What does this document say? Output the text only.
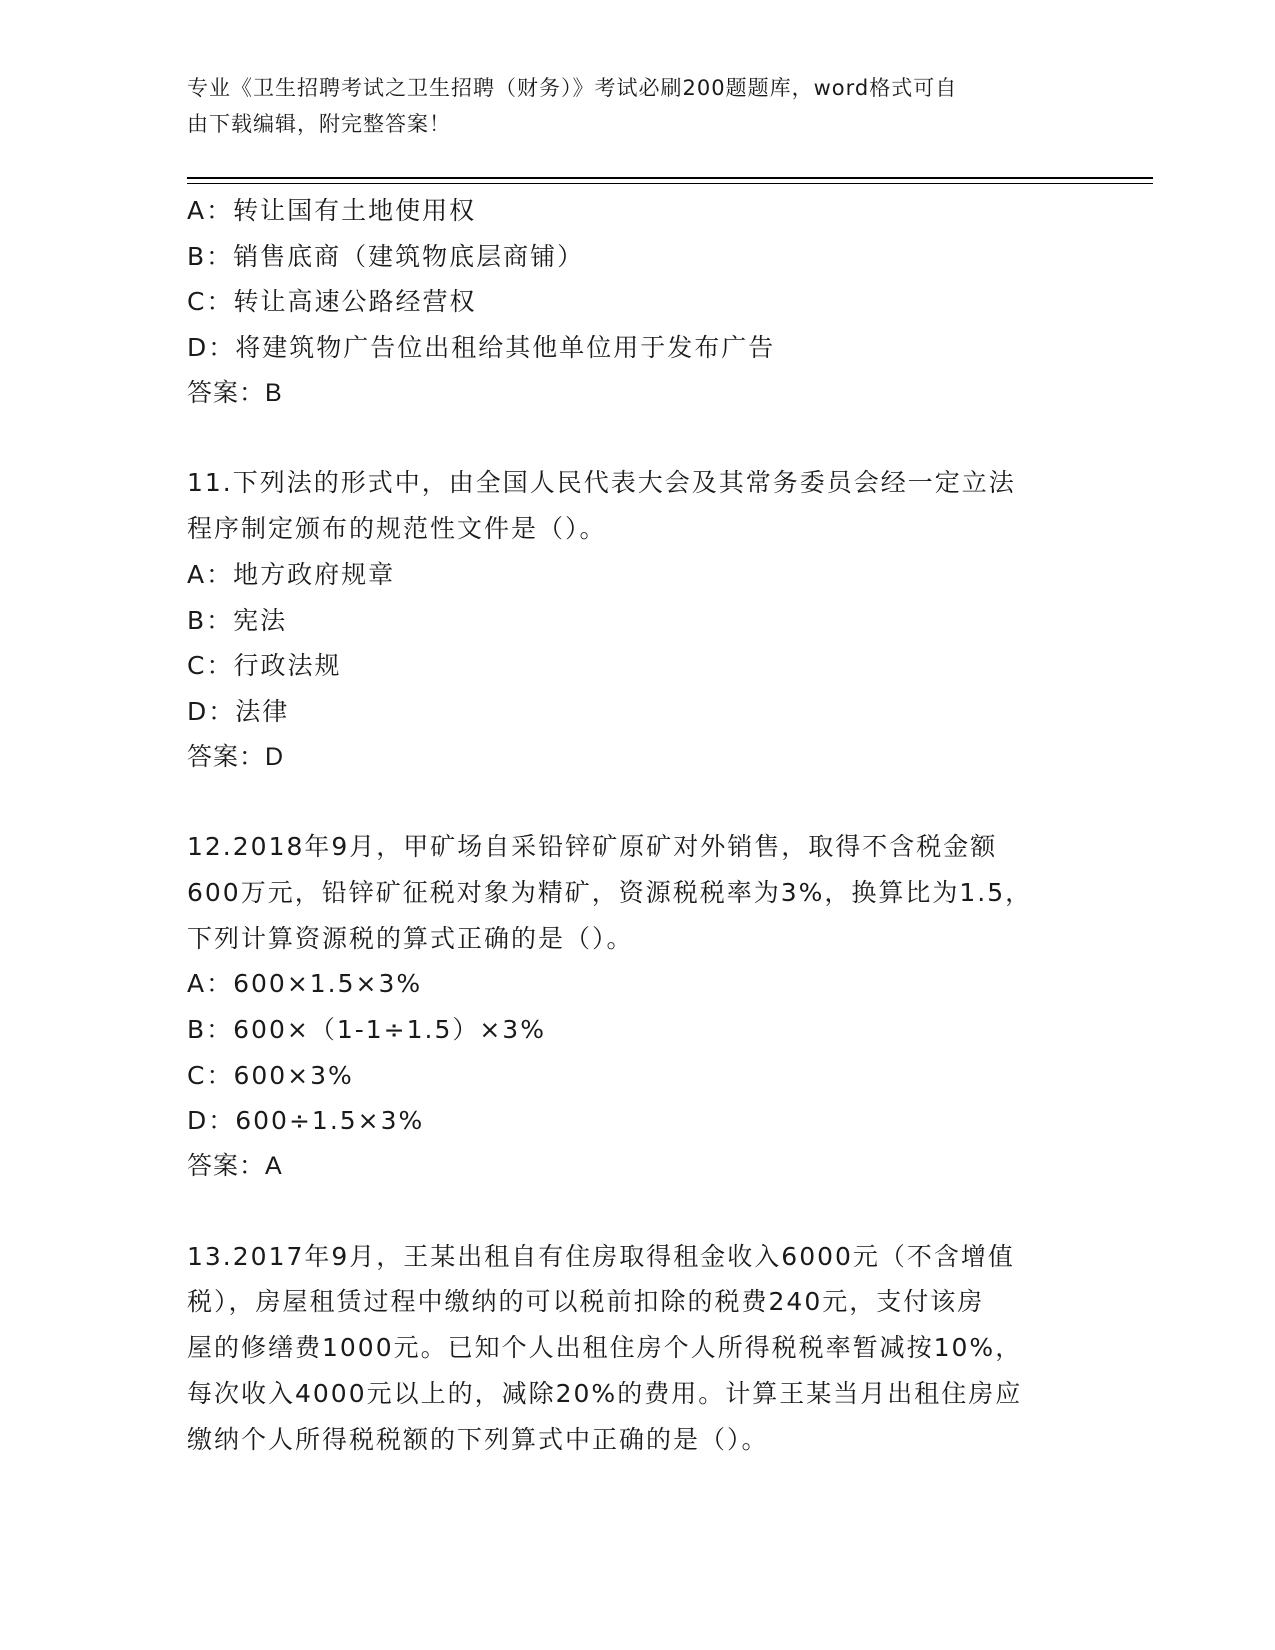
专业《卫生招聘考试之卫生招聘（财务）》考试必刷200题题库，word格式可自
由下载编辑，附完整答案！
A：转让国有土地使用权
B：销售底商（建筑物底层商铺）
C：转让高速公路经营权
D：将建筑物广告位出租给其他单位用于发布广告
答案：B
11.下列法的形式中，由全国人民代表大会及其常务委员会经一定立法
程序制定颁布的规范性文件是（）。
A：地方政府规章
B：宪法
C：行政法规
D：法律
答案：D
12.2018年9月，甲矿场自采铅锌矿原矿对外销售，取得不含税金额
600万元，铅锌矿征税对象为精矿，资源税税率为3%，换算比为1.5，
下列计算资源税的算式正确的是（）。
A：600×1.5×3%
B：600×（1-1÷1.5）×3%
C：600×3%
D：600÷1.5×3%
答案：A
13.2017年9月，王某出租自有住房取得租金收入6000元（不含增值
税），房屋租赁过程中缴纳的可以税前扣除的税费240元，支付该房
屋的修缮费1000元。已知个人出租住房个人所得税税率暂减按10%，
每次收入4000元以上的，减除20%的费用。计算王某当月出租住房应
缴纳个人所得税税额的下列算式中正确的是（）。
